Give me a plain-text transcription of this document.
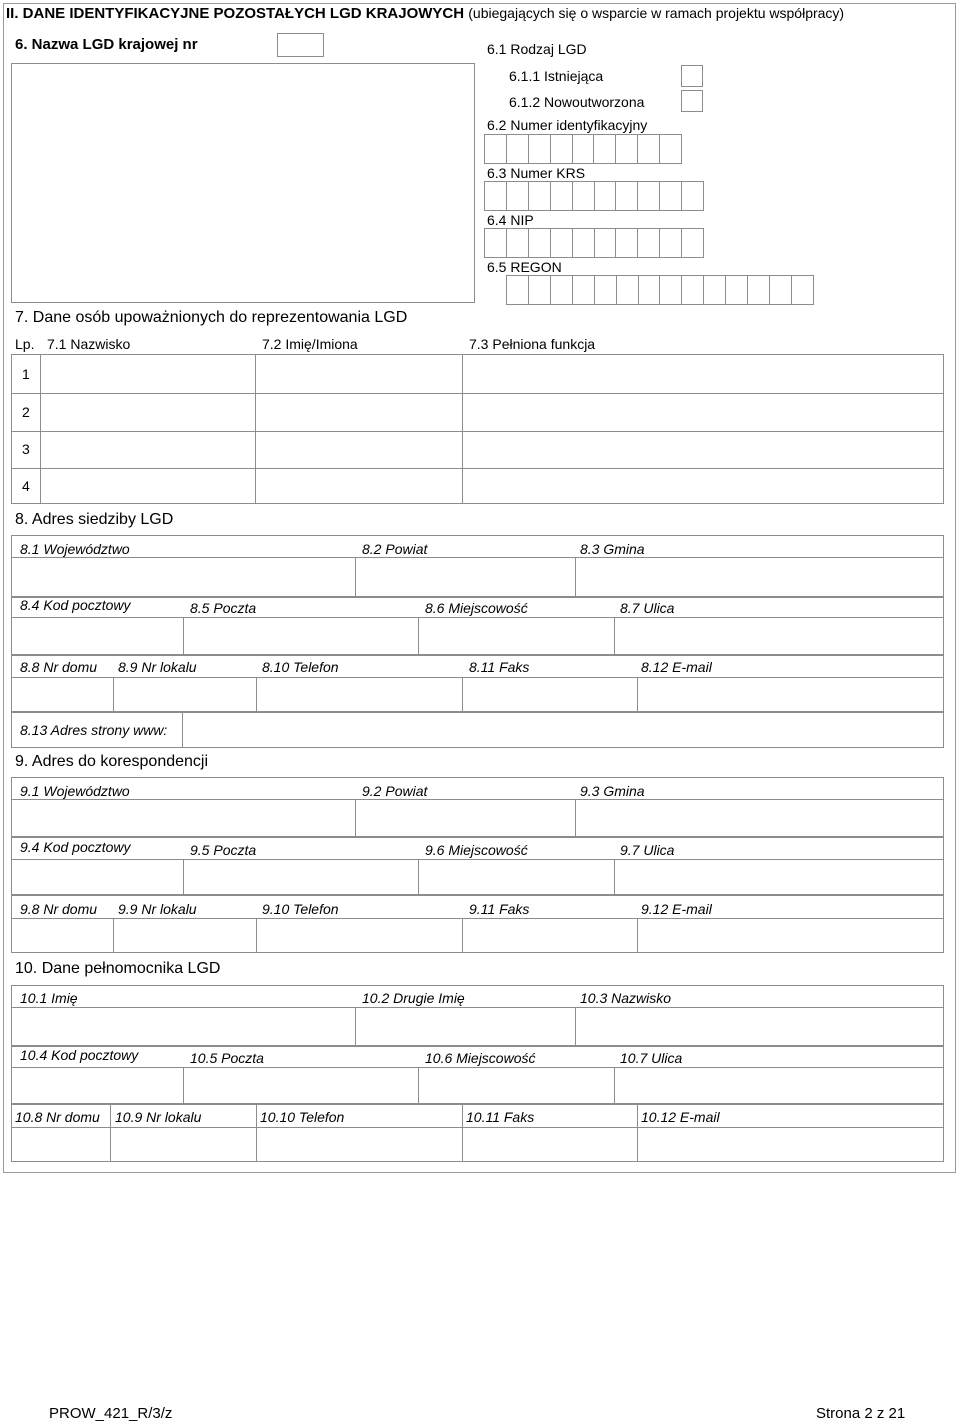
II. DANE IDENTYFIKACYJNE POZOSTAŁYCH LGD KRAJOWYCH (ubiegających się o wsparcie w ramach projektu współpracy)
6. Nazwa LGD krajowej nr	6.1 Rodzaj LGD
6.1.1 Istniejąca
6.1.2 Nowoutworzona
6.2 Numer identyfikacyjny
6.3 Numer KRS
6.4 NIP
6.5 REGON
7. Dane osób upoważnionych do reprezentowania LGD
Lp. 7.1 Nazwisko	7.2 Imię/Imiona	7.3 Pełniona funkcja
1
2
3
4
8. Adres siedziby LGD
8.1 Województwo	8.2 Powiat	8.3 Gmina
8.4 Kod pocztowy	8.5 Poczta	8.6 Miejscowość	8.7 Ulica
8.8 Nr domu 8.9 Nr lokalu	8.10 Telefon	8.11 Faks	8.12 E-mail
8.13 Adres strony www:
9. Adres do korespondencji
9.1 Województwo	9.2 Powiat	9.3 Gmina
9.4 Kod pocztowy	9.5 Poczta	9.6 Miejscowość	9.7 Ulica
9.8 Nr domu 9.9 Nr lokalu	9.10 Telefon	9.11 Faks	9.12 E-mail
10. Dane pełnomocnika LGD
10.1 Imię	10.2 Drugie Imię	10.3 Nazwisko
10.4 Kod pocztowy	10.5 Poczta	10.6 Miejscowość	10.7 Ulica
10.8 Nr domu 10.9 Nr lokalu	10.10 Telefon	10.11 Faks	10.12 E-mail
PROW_421_R/3/z	Strona 2 z 21
